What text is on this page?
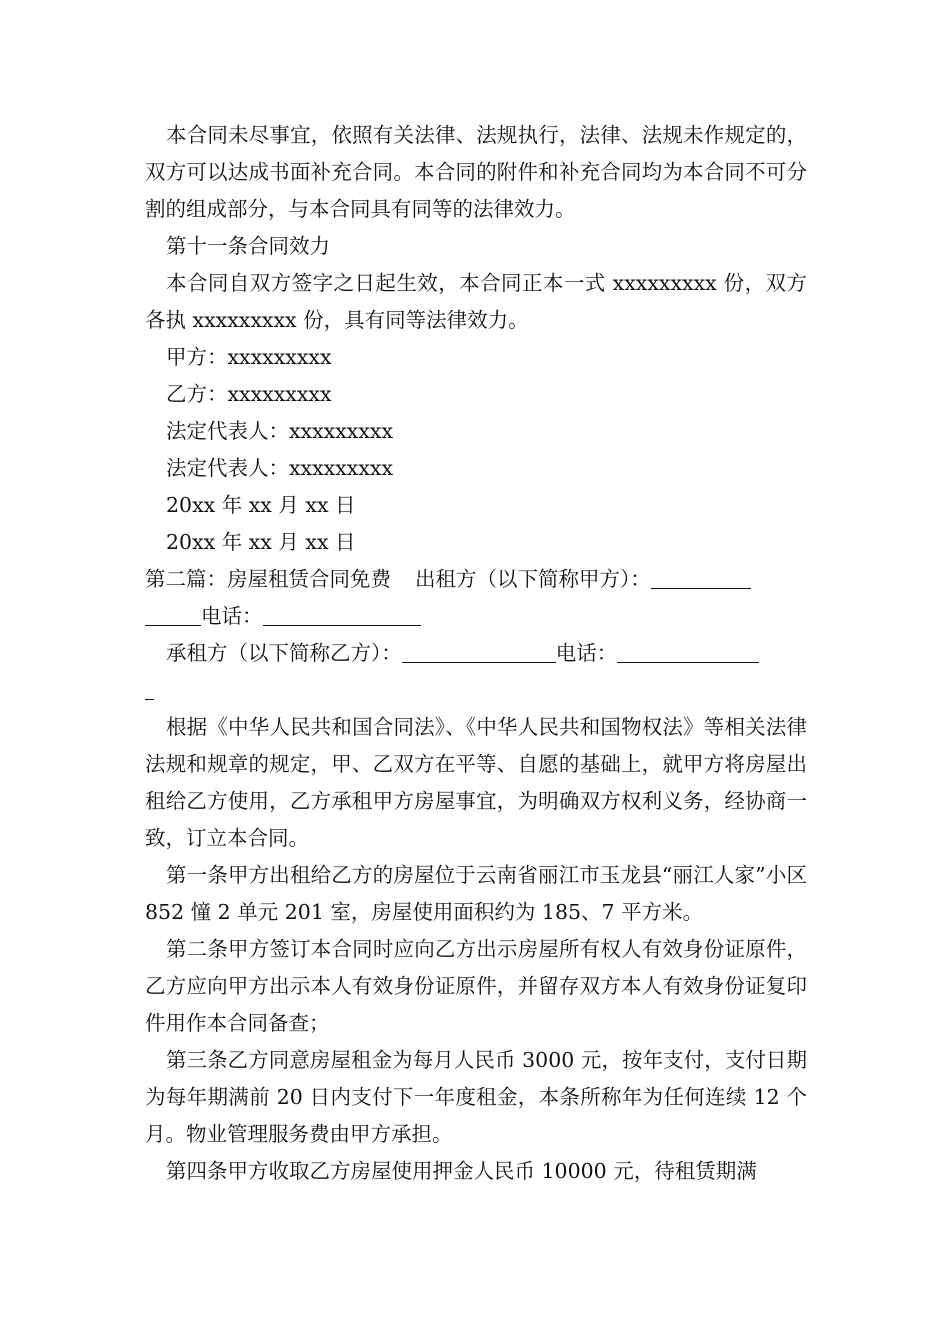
本合同未尽事宜，依照有关法律、法规执行，法律、法规未作规定的，双方可以达成书面补充合同。本合同的附件和补充合同均为本合同不可分割的组成部分，与本合同具有同等的法律效力。

第十一条合同效力

本合同自双方签字之日起生效，本合同正本一式 xxxxxxxxx 份，双方各执 xxxxxxxxx 份，具有同等法律效力。

甲方：xxxxxxxxx

乙方：xxxxxxxxx

法定代表人：xxxxxxxxx

法定代表人：xxxxxxxxx

20xx 年 xx 月 xx 日

20xx 年 xx 月 xx 日

第二篇：房屋租赁合同免费 出租方（以下简称甲方）：

电话：

承租方（以下简称乙方）：	电话：

根据《中华人民共和国合同法》、《中华人民共和国物权法》等相关法律法规和规章的规定，甲、乙双方在平等、自愿的基础上，就甲方将房屋出租给乙方使用，乙方承租甲方房屋事宜，为明确双方权利义务，经协商一致，订立本合同。

第一条甲方出租给乙方的房屋位于云南省丽江市玉龙县“丽江人家”小区 852 憧 2 单元 201 室，房屋使用面积约为 185、7 平方米。

第二条甲方签订本合同时应向乙方出示房屋所有权人有效身份证原件，乙方应向甲方出示本人有效身份证原件，并留存双方本人有效身份证复印件用作本合同备查；

第三条乙方同意房屋租金为每月人民币 3000 元，按年支付，支付日期为每年期满前 20 日内支付下一年度租金，本条所称年为任何连续 12 个月。物业管理服务费由甲方承担。

第四条甲方收取乙方房屋使用押金人民币 10000 元，待租赁期满
